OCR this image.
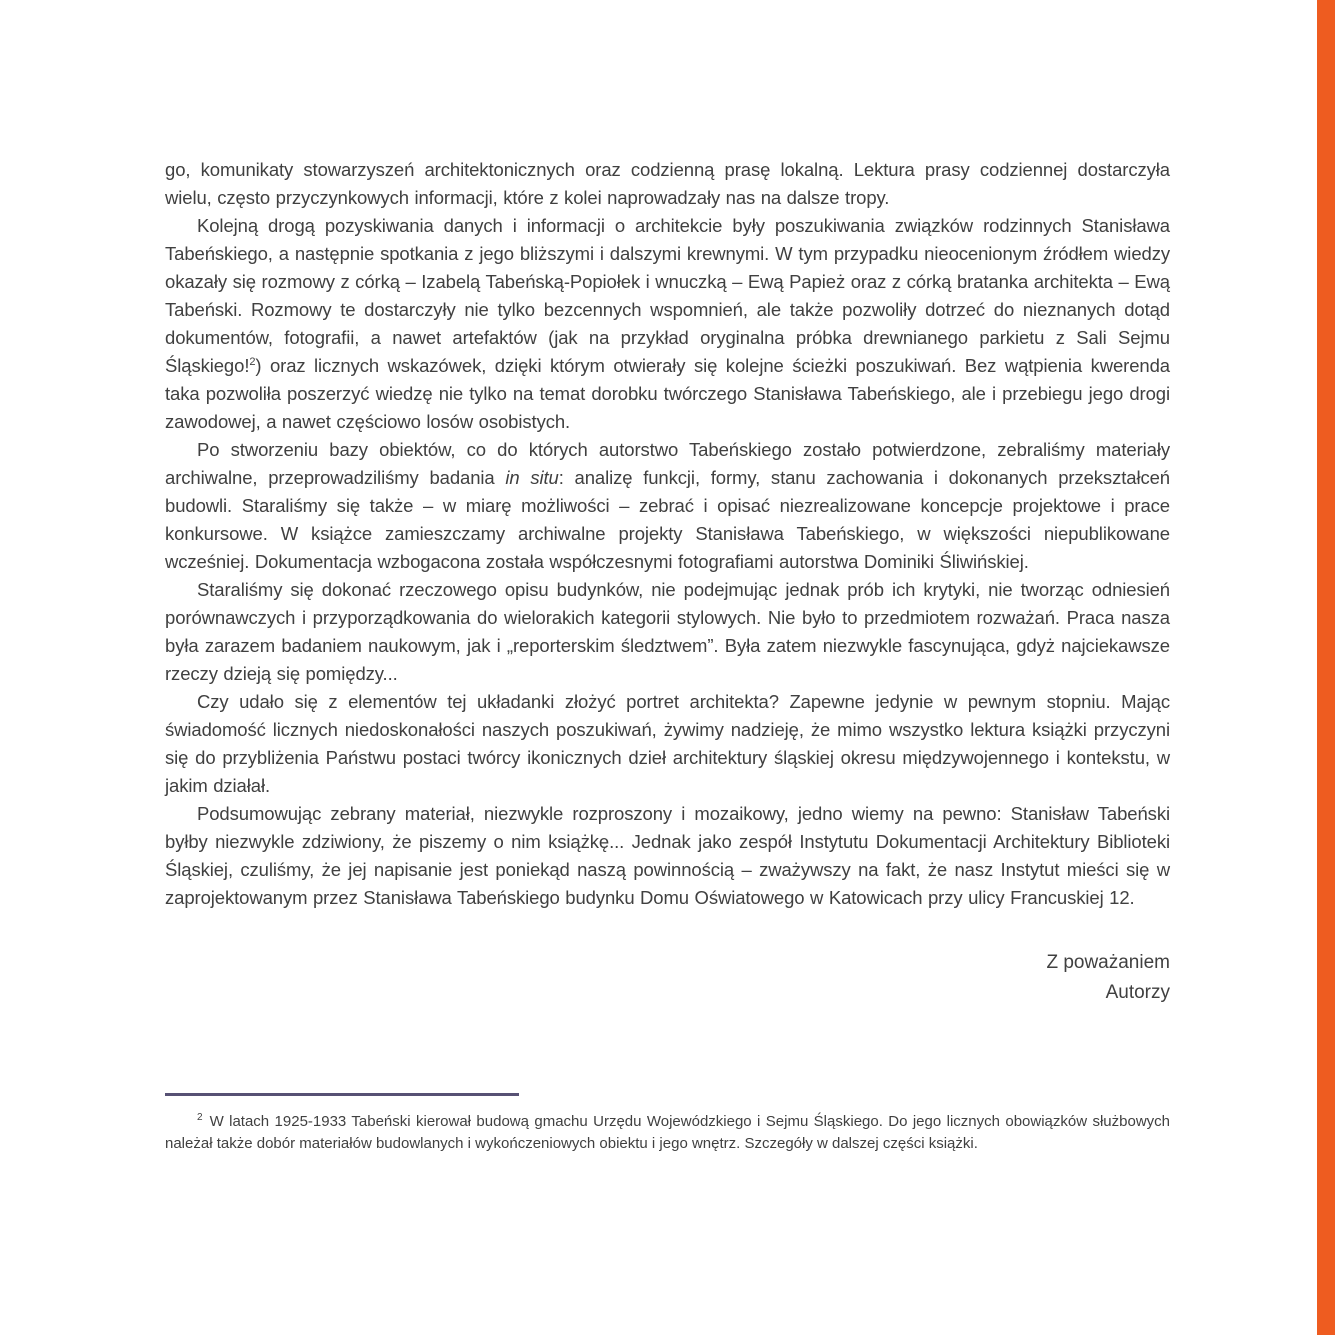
go, komunikaty stowarzyszeń architektonicznych oraz codzienną prasę lokalną. Lektura prasy codziennej dostarczyła wielu, często przyczynkowych informacji, które z kolei naprowadzały nas na dalsze tropy.

Kolejną drogą pozyskiwania danych i informacji o architekcie były poszukiwania związków rodzinnych Stanisława Tabeńskiego, a następnie spotkania z jego bliższymi i dalszymi krewnymi. W tym przypadku nieocenionym źródłem wiedzy okazały się rozmowy z córką – Izabelą Tabeńską-Popiołek i wnuczką – Ewą Papież oraz z córką bratanka architekta – Ewą Tabeński. Rozmowy te dostarczyły nie tylko bezcennych wspomnień, ale także pozwoliły dotrzeć do nieznanych dotąd dokumentów, fotografii, a nawet artefaktów (jak na przykład oryginalna próbka drewnianego parkietu z Sali Sejmu Śląskiego!$^2$) oraz licznych wskazówek, dzięki którym otwierały się kolejne ścieżki poszukiwań. Bez wątpienia kwerenda taka pozwoliła poszerzyć wiedzę nie tylko na temat dorobku twórczego Stanisława Tabeńskiego, ale i przebiegu jego drogi zawodowej, a nawet częściowo losów osobistych.

Po stworzeniu bazy obiektów, co do których autorstwo Tabeńskiego zostało potwierdzone, zebraliśmy materiały archiwalne, przeprowadziliśmy badania in situ: analizę funkcji, formy, stanu zachowania i dokonanych przekształceń budowli. Staraliśmy się także – w miarę możliwości – zebrać i opisać niezrealizowane koncepcje projektowe i prace konkursowe. W książce zamieszczamy archiwalne projekty Stanisława Tabeńskiego, w większości niepublikowane wcześniej. Dokumentacja wzbogacona została współczesnymi fotografiami autorstwa Dominiki Śliwińskiej.

Staraliśmy się dokonać rzeczowego opisu budynków, nie podejmując jednak prób ich krytyki, nie tworząc odniesień porównawczych i przyporządkowania do wielorakich kategorii stylowych. Nie było to przedmiotem rozważań. Praca nasza była zarazem badaniem naukowym, jak i „reporterskim śledztwem”. Była zatem niezwykle fascynująca, gdyż najciekawsze rzeczy dzieją się pomiędzy...

Czy udało się z elementów tej układanki złożyć portret architekta? Zapewne jedynie w pewnym stopniu. Mając świadomość licznych niedoskonałości naszych poszukiwań, żywimy nadzieję, że mimo wszystko lektura książki przyczyni się do przybliżenia Państwu postaci twórcy ikonicznych dzieł architektury śląskiej okresu międzywojennego i kontekstu, w jakim działał.

Podsumowując zebrany materiał, niezwykle rozproszony i mozaikowy, jedno wiemy na pewno: Stanisław Tabeński byłby niezwykle zdziwiony, że piszemy o nim książkę... Jednak jako zespół Instytutu Dokumentacji Architektury Biblioteki Śląskiej, czuliśmy, że jej napisanie jest poniekąd naszą powinnością – zważywszy na fakt, że nasz Instytut mieści się w zaprojektowanym przez Stanisława Tabeńskiego budynku Domu Oświatowego w Katowicach przy ulicy Francuskiej 12.

Z poważaniem
Autorzy

$^2$ W latach 1925-1933 Tabeński kierował budową gmachu Urzędu Wojewódzkiego i Sejmu Śląskiego. Do jego licznych obowiązków służbowych należał także dobór materiałów budowlanych i wykończeniowych obiektu i jego wnętrz. Szczegóły w dalszej części książki.
